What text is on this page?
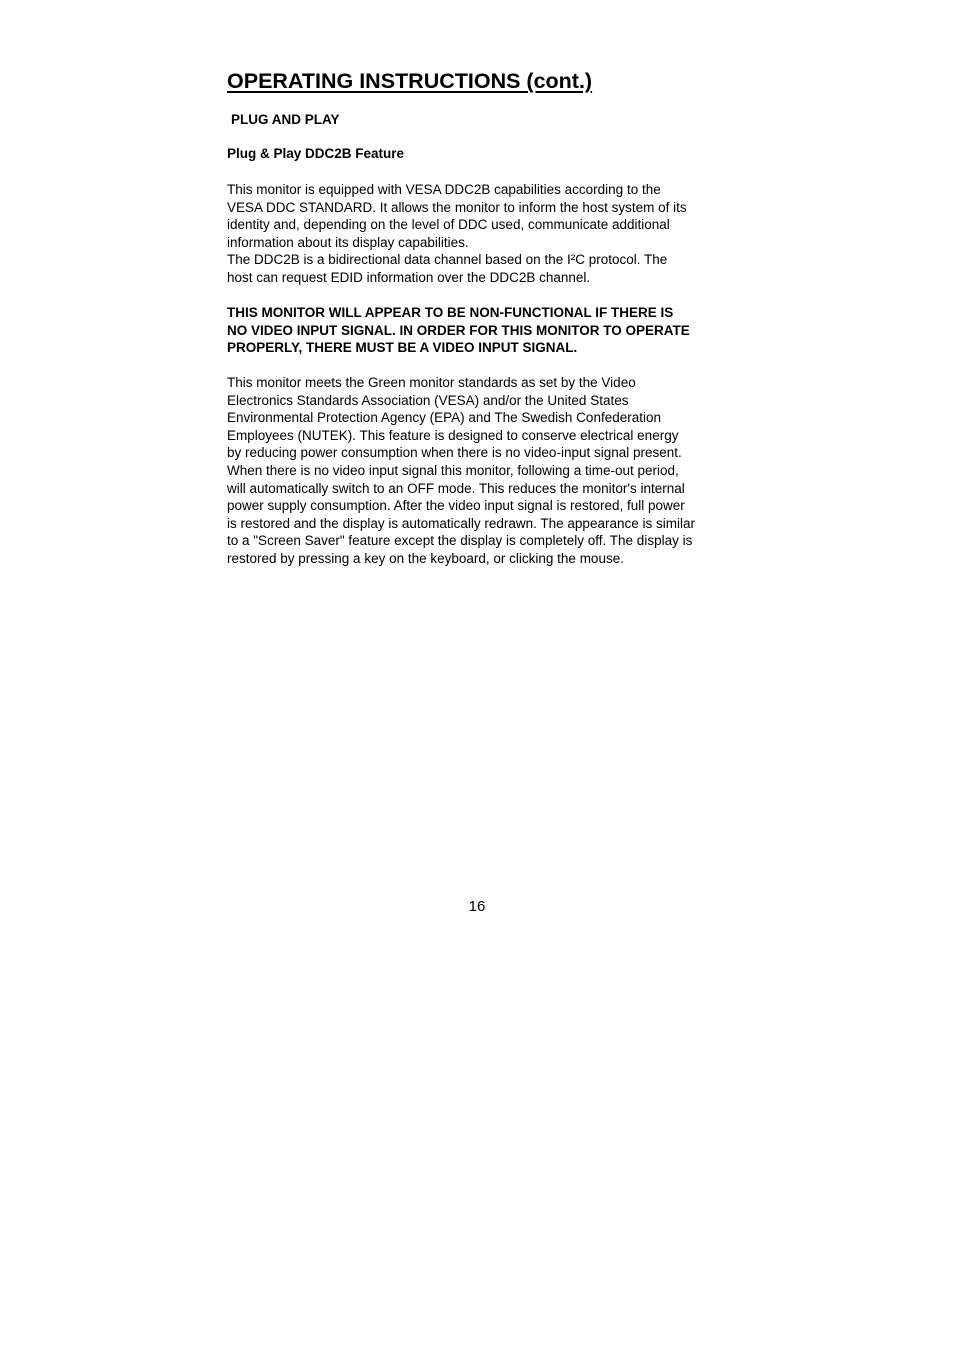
OPERATING INSTRUCTIONS (cont.)
PLUG AND PLAY
Plug & Play DDC2B Feature

This monitor is equipped with VESA DDC2B capabilities according to the
VESA DDC STANDARD. It allows the monitor to inform the host system of its
identity and, depending on the level of DDC used, communicate additional
information about its display capabilities.
The DDC2B is a bidirectional data channel based on the I²C protocol. The
host can request EDID information over the DDC2B channel.

THIS MONITOR WILL APPEAR TO BE NON-FUNCTIONAL IF THERE IS
NO VIDEO INPUT SIGNAL. IN ORDER FOR THIS MONITOR TO OPERATE
PROPERLY, THERE MUST BE A VIDEO INPUT SIGNAL.

This monitor meets the Green monitor standards as set by the Video
Electronics Standards Association (VESA) and/or the United States
Environmental Protection Agency (EPA) and The Swedish Confederation
Employees (NUTEK). This feature is designed to conserve electrical energy
by reducing power consumption when there is no video-input signal present.
When there is no video input signal this monitor, following a time-out period,
will automatically switch to an OFF mode. This reduces the monitor's internal
power supply consumption. After the video input signal is restored, full power
is restored and the display is automatically redrawn. The appearance is similar
to a "Screen Saver" feature except the display is completely off. The display is
restored by pressing a key on the keyboard, or clicking the mouse.

16
